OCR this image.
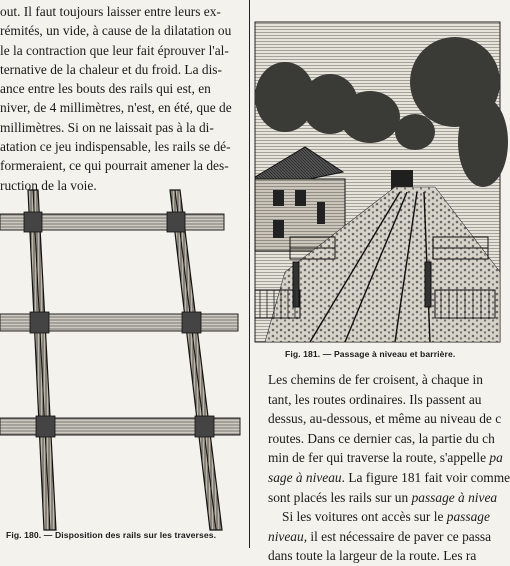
out. Il faut toujours laisser entre leurs ex-
rémités, un vide, à cause de la dilatation ou
le la contraction que leur fait éprouver l'al-
ternative de la chaleur et du froid. La dis-
ance entre les bouts des rails qui est, en
niver, de 4 millimètres, n'est, en été, que de
millimètres. Si on ne laissait pas à la di-
atation ce jeu indispensable, les rails se dé-
formeraient, ce qui pourrait amener la des-
ruction de la voie.
Fig. 180. — Disposition des rails sur les traverses.
Fig. 181. — Passage à niveau et barrière.
Les chemins de fer croisent, à chaque in
tant, les routes ordinaires. Ils passent au
dessus, au-dessous, et même au niveau de c
routes. Dans ce dernier cas, la partie du ch
min de fer qui traverse la route, s'appelle pa
sage à niveau. La figure 181 fait voir comme
sont placés les rails sur un passage à nivea
Si les voitures ont accès sur le passage
niveau, il est nécessaire de paver ce passa
dans toute la largeur de la route. Les ra
